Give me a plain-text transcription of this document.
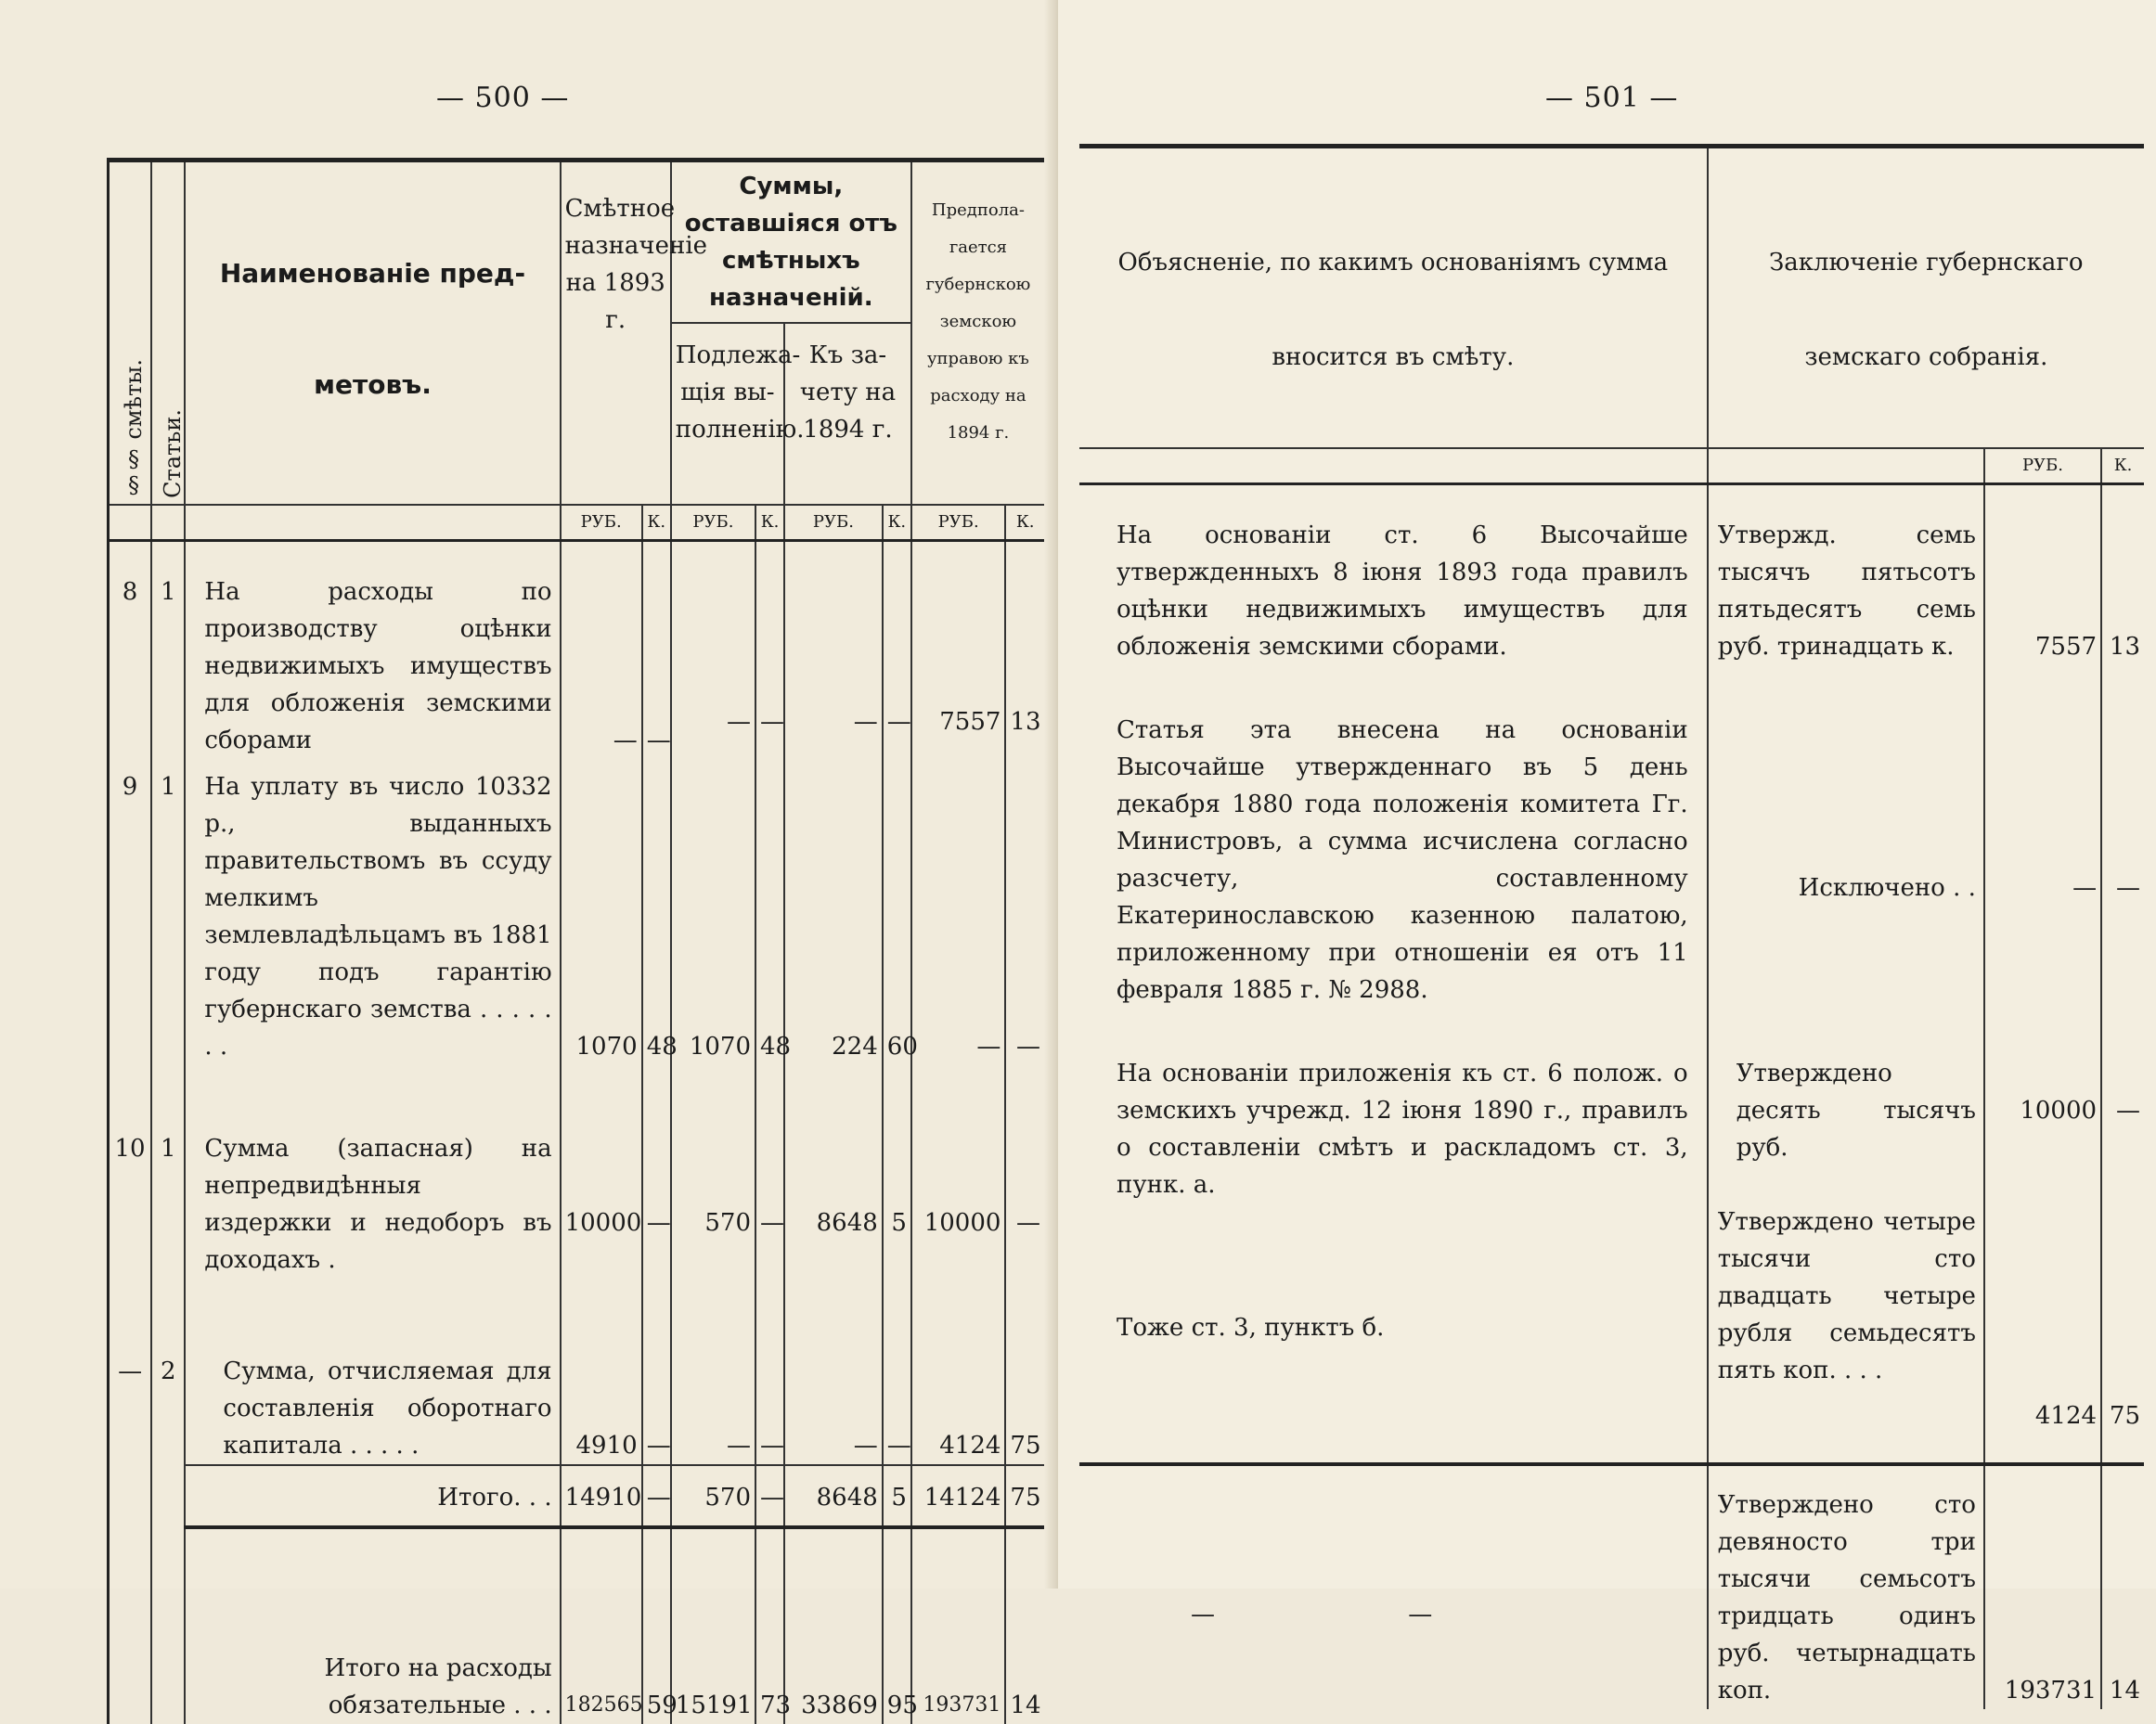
— 500 —
§§ смѣты.	Статьи.	Наименованіе пред-метовъ.	Смѣтное назначеніе на 1893 г.		Суммы, оставшіяся отъ смѣтныхъ назначеній.				Предпола-гается губернскою земскою управою къ расходу на 1894 г.	
					Подлежа-щія вы-полненію.		Къ за-чету на 1894 г.			
			РУБ.	К.	РУБ.	К.	РУБ.	К.	РУБ.	К.
8	1	На расходы по производству оцѣнки недвижимыхъ имуществъ для обложенія земскими сборами	—	—	—	—	—	—	7557	13
9	1	На уплату въ число 10332 р., выданныхъ правительствомъ въ ссуду мелкимъ землевладѣльцамъ въ 1881 году подъ гарантію губернскаго земства . . . . . . .	1070	48	1070	48	224	60	—	—
10	1	Сумма (запасная) на непредвидѣнныя издержки и недоборъ въ доходахъ .	10000	—	570	—	8648	5	10000	—
—	2	Сумма, отчисляемая для составленія оборотнаго капитала . . . . .	4910	—	—	—	—	—	4124	75
		Итого. . .	14910	—	570	—	8648	5	14124	75
		Итого на расходы обязательные . . .	182565	59	15191	73	33869	95	193731	14
— 501 —
Объясненіе, по какимъ основаніямъ сумма вносится въ смѣту.	Заключеніе губернскаго земскаго собранія.		
		РУБ.	К.
На основаніи ст. 6 Высочайше утвержденныхъ 8 іюня 1893 года правилъ оцѣнки недвижимыхъ имуществъ для обложенія земскими сборами.	Утвержд. семь тысячъ пятьсотъ пятьдесятъ семь руб. тринадцать к.	7557	13
Статья эта внесена на основаніи Высочайше утвержденнаго въ 5 день декабря 1880 года положенія комитета Гг. Министровъ, а сумма исчислена согласно разсчету, составленному Екатеринославскою казенною палатою, приложенному при отношеніи ея отъ 11 февраля 1885 г. № 2988.	Исключено . .	—	—
На основаніи приложенія къ ст. 6 полож. о земскихъ учрежд. 12 іюня 1890 г., правилъ о составленіи смѣтъ и раскладомъ ст. 3, пунк. а.	Утверждено десять тысячъ руб.	10000	—
Тоже ст. 3, пунктъ б.	Утверждено четыре тысячи сто двадцать четыре рубля семьдесятъ пять коп. . . .	4124	75
— —	Утверждено сто девяносто три тысячи семьсотъ тридцать одинъ руб. четырнадцать коп.	193731	14
